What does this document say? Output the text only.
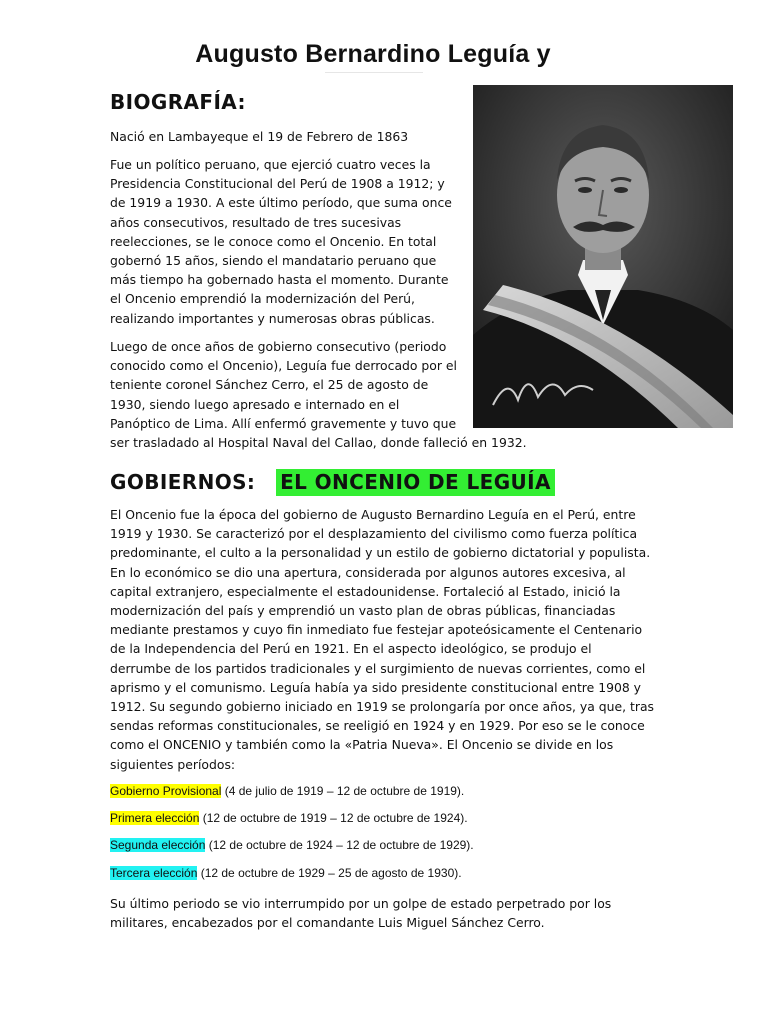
Augusto Bernardino Leguía y
BIOGRAFÍA:
Nació en Lambayeque el 19 de Febrero de 1863
Fue un político peruano, que ejerció cuatro veces la
Presidencia Constitucional del Perú de 1908 a 1912; y
de 1919 a 1930. A este último período, que suma once
años consecutivos, resultado de tres sucesivas
reelecciones, se le conoce como el Oncenio. En total
gobernó 15 años, siendo el mandatario peruano que
más tiempo ha gobernado hasta el momento. Durante
el Oncenio emprendió la modernización del Perú,
realizando importantes y numerosas obras públicas.
Luego de once años de gobierno consecutivo (periodo
conocido como el Oncenio), Leguía fue derrocado por el
teniente coronel Sánchez Cerro, el 25 de agosto de
1930, siendo luego apresado e internado en el
Panóptico de Lima. Allí enfermó gravemente y tuvo que
ser trasladado al Hospital Naval del Callao, donde falleció en 1932.
GOBIERNOS: EL ONCENIO DE LEGUÍA
El Oncenio fue la época del gobierno de Augusto Bernardino Leguía en el Perú, entre
1919 y 1930. Se caracterizó por el desplazamiento del civilismo como fuerza política
predominante, el culto a la personalidad y un estilo de gobierno dictatorial y populista.
En lo económico se dio una apertura, considerada por algunos autores excesiva, al
capital extranjero, especialmente el estadounidense. Fortaleció al Estado, inició la
modernización del país y emprendió un vasto plan de obras públicas, financiadas
mediante prestamos y cuyo fin inmediato fue festejar apoteósicamente el Centenario
de la Independencia del Perú en 1921. En el aspecto ideológico, se produjo el
derrumbe de los partidos tradicionales y el surgimiento de nuevas corrientes, como el
aprismo y el comunismo. Leguía había ya sido presidente constitucional entre 1908 y
1912. Su segundo gobierno iniciado en 1919 se prolongaría por once años, ya que, tras
sendas reformas constitucionales, se reeligió en 1924 y en 1929. Por eso se le conoce
como el ONCENIO y también como la «Patria Nueva». El Oncenio se divide en los
siguientes períodos:
Gobierno Provisional (4 de julio de 1919 – 12 de octubre de 1919).
Primera elección (12 de octubre de 1919 – 12 de octubre de 1924).
Segunda elección (12 de octubre de 1924 – 12 de octubre de 1929).
Tercera elección (12 de octubre de 1929 – 25 de agosto de 1930).
Su último periodo se vio interrumpido por un golpe de estado perpetrado por los
militares, encabezados por el comandante Luis Miguel Sánchez Cerro.
